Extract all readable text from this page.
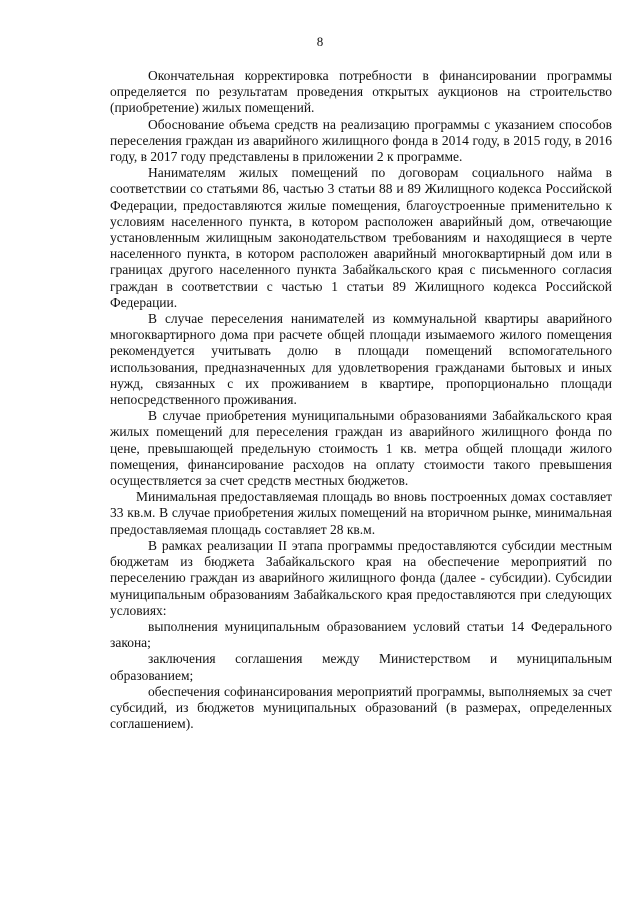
8

Окончательная корректировка потребности в финансировании программы определяется по результатам проведения открытых аукционов на строительство (приобретение) жилых помещений.

Обоснование объема средств на реализацию программы с указанием способов переселения граждан из аварийного жилищного фонда в 2014 году, в 2015 году, в 2016 году, в 2017 году представлены в приложении 2 к программе.

Нанимателям жилых помещений по договорам социального найма в соответствии со статьями 86, частью 3 статьи 88 и 89 Жилищного кодекса Российской Федерации, предоставляются жилые помещения, благоустроенные применительно к условиям населенного пункта, в котором расположен аварийный дом, отвечающие установленным жилищным законодательством требованиям и находящиеся в черте населенного пункта, в котором расположен аварийный многоквартирный дом или в границах другого населенного пункта Забайкальского края с письменного согласия граждан в соответствии с частью 1 статьи 89 Жилищного кодекса Российской Федерации.

В случае переселения нанимателей из коммунальной квартиры аварийного многоквартирного дома при расчете общей площади изымаемого жилого помещения рекомендуется учитывать долю в площади помещений вспомогательного использования, предназначенных для удовлетворения гражданами бытовых и иных нужд, связанных с их проживанием в квартире, пропорционально площади непосредственного проживания.

В случае приобретения муниципальными образованиями Забайкальского края жилых помещений для переселения граждан из аварийного жилищного фонда по цене, превышающей предельную стоимость 1 кв. метра общей площади жилого помещения, финансирование расходов на оплату стоимости такого превышения осуществляется за счет средств местных бюджетов.

Минимальная предоставляемая площадь во вновь построенных домах составляет 33 кв.м. В случае приобретения жилых помещений на вторичном рынке, минимальная предоставляемая площадь составляет 28 кв.м.

В рамках реализации II этапа программы предоставляются субсидии местным бюджетам из бюджета Забайкальского края на обеспечение мероприятий по переселению граждан из аварийного жилищного фонда (далее - субсидии). Субсидии муниципальным образованиям Забайкальского края предоставляются при следующих условиях:

выполнения муниципальным образованием условий статьи 14 Федерального закона;

заключения соглашения между Министерством и муниципальным образованием;

обеспечения софинансирования мероприятий программы, выполняемых за счет субсидий, из бюджетов муниципальных образований (в размерах, определенных соглашением).
